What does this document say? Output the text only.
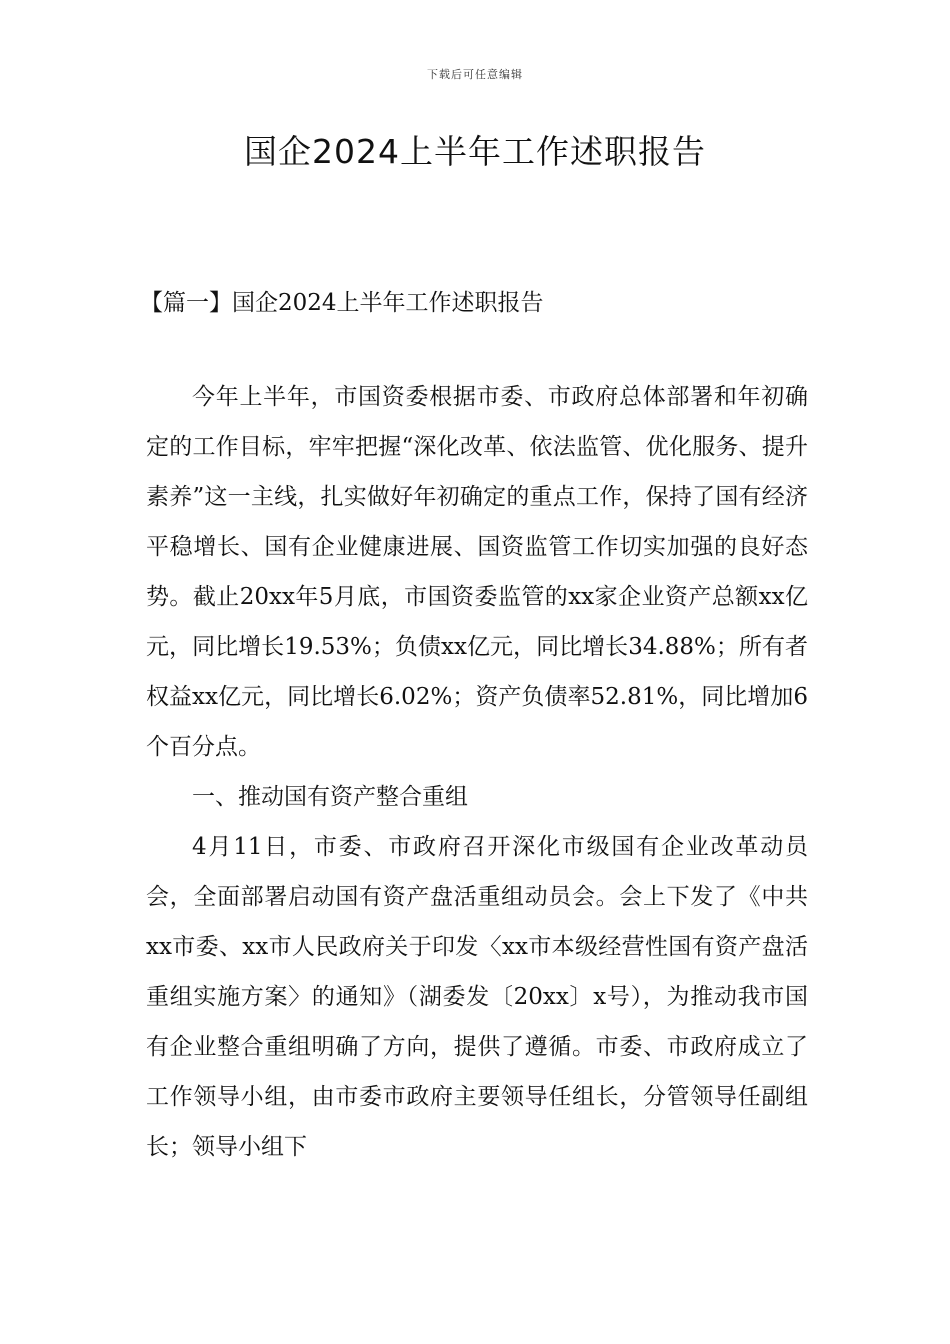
下载后可任意编辑
国企2024上半年工作述职报告
【篇一】国企2024上半年工作述职报告

今年上半年，市国资委根据市委、市政府总体部署和年初确定的工作目标，牢牢把握“深化改革、依法监管、优化服务、提升素养”这一主线，扎实做好年初确定的重点工作，保持了国有经济平稳增长、国有企业健康进展、国资监管工作切实加强的良好态势。截止20xx年5月底，市国资委监管的xx家企业资产总额xx亿元，同比增长19.53%；负债xx亿元，同比增长34.88%；所有者权益xx亿元，同比增长6.02%；资产负债率52.81%，同比增加6个百分点。

一、推动国有资产整合重组

4月11日，市委、市政府召开深化市级国有企业改革动员会，全面部署启动国有资产盘活重组动员会。会上下发了《中共xx市委、xx市人民政府关于印发〈xx市本级经营性国有资产盘活重组实施方案〉的通知》（湖委发〔20xx〕x号），为推动我市国有企业整合重组明确了方向，提供了遵循。市委、市政府成立了工作领导小组，由市委市政府主要领导任组长，分管领导任副组长；领导小组下
